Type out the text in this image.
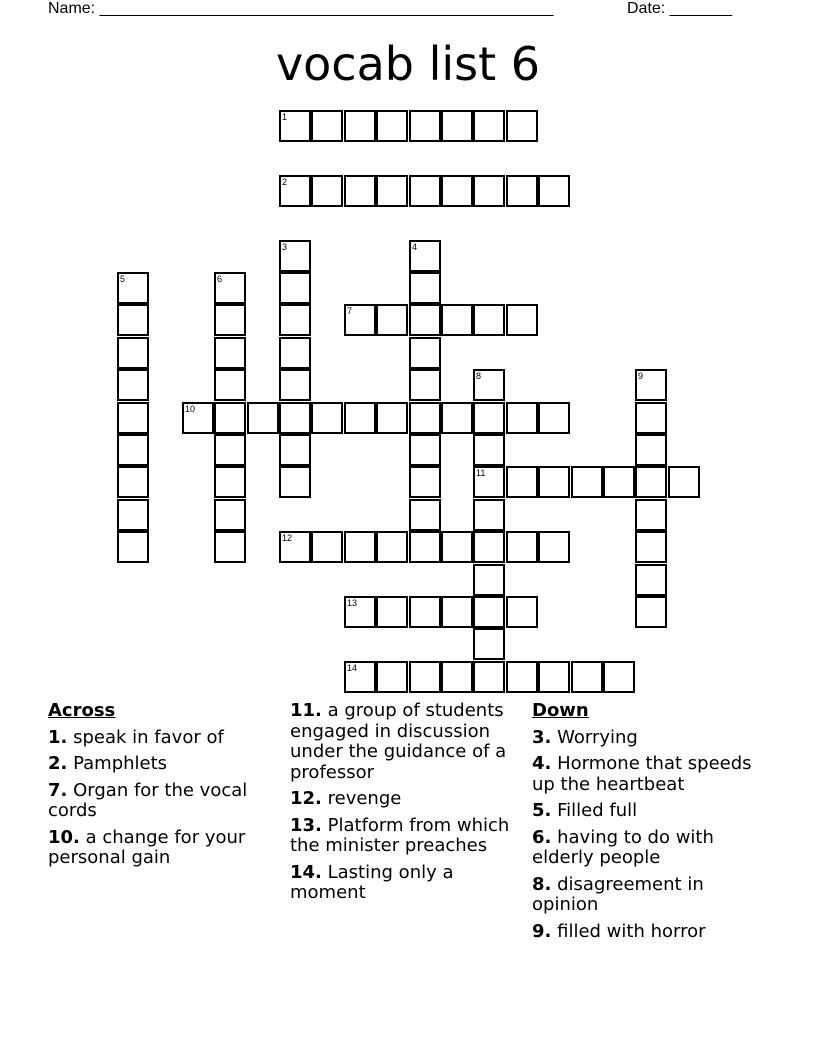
Name: ___________________________________________________	Date: _______
vocab list 6
1
2
3	4
5	6
7
8	9
10
11
12
13
14
Across
1. speak in favor of
2. Pamphlets
7. Organ for the vocal cords
10. a change for your personal gain
11. a group of students engaged in discussion under the guidance of a professor
12. revenge
13. Platform from which the minister preaches
14. Lasting only a moment
Down
3. Worrying
4. Hormone that speeds up the heartbeat
5. Filled full
6. having to do with elderly people
8. disagreement in opinion
9. filled with horror
